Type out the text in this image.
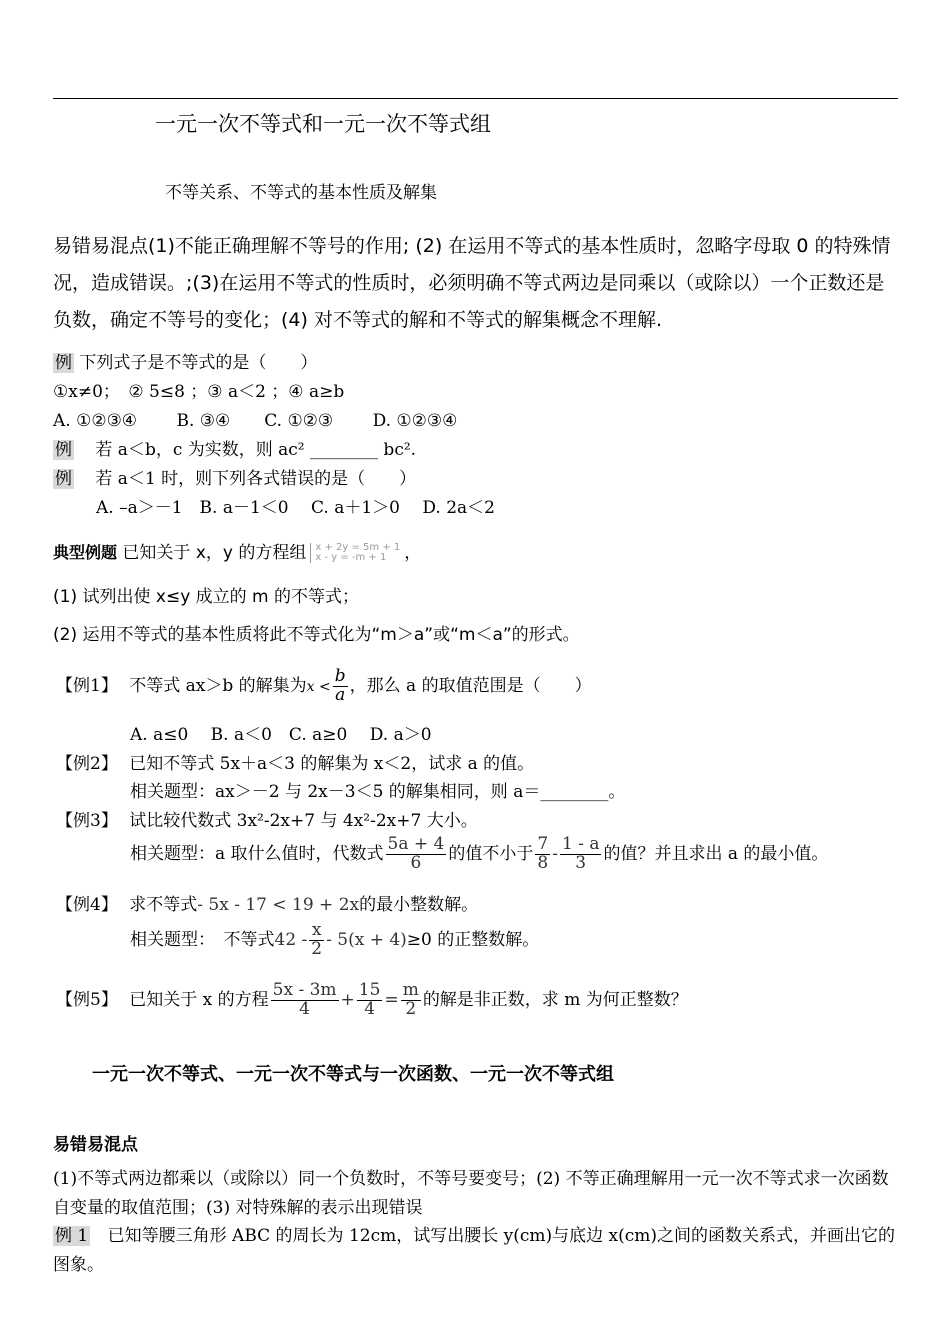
一元一次不等式和一元一次不等式组
不等关系、不等式的基本性质及解集
易错易混点(1)不能正确理解不等号的作用; (2) 在运用不等式的基本性质时，忽略字母取 0 的特殊情况，造成错误。;(3)在运用不等式的性质时，必须明确不等式两边是同乘以（或除以）一个正数还是负数，确定不等号的变化；(4) 对不等式的解和不等式的解集概念不理解.
例 下列式子是不等式的是（　　）
①x≠0；　② 5≤8 ；③ a＜2 ；④ a≥b
A. ①②③④　　 B. ③④　　C. ①②③　　 D. ①②③④
例 若 a＜b，c 为实数，则 ac² ________ bc².
例 若 a＜1 时，则下列各式错误的是（　　）
A. –a＞－1　B. a－1＜0　 C. a＋1＞0　 D. 2a＜2
典型例题 已知关于 x，y 的方程组 x + 2y = 5m + 1
x - y = -m + 1	，
(1) 试列出使 x≤y 成立的 m 的不等式；
(2) 运用不等式的基本性质将此不等式化为“m＞a”或“m＜a”的形式。
【例1】 不等式 ax＞b 的解集为$x < \frac{b}{a}$ ，那么 a 的取值范围是（　　）
A. a≤0　 B. a＜0　C. a≥0　 D. a＞0
【例2】 已知不等式 5x＋a＜3 的解集为 x＜2，试求 a 的值。
相关题型：ax＞－2 与 2x－3＜5 的解集相同，则 a＝________。
【例3】 试比较代数式 3x²-2x+7 与 4x²-2x+7 大小。
相关题型：a 取什么值时，代数式 $\frac{5a + 4}{6}$ 的值不小于 $\frac{7}{8} - \frac{1 - a}{3}$ 的值？并且求出 a 的最小值。
【例4】 求不等式- 5x - 17 < 19 + 2x的最小整数解。
相关题型：　不等式$42 - \frac{x}{2} - 5(x + 4)\ge 0$ 的正整数解。
【例5】 已知关于 x 的方程 $\frac{5x - 3m}{4} + \frac{15}{4} = \frac{m}{2}$ 的解是非正数，求 m 为何正整数？
一元一次不等式、一元一次不等式与一次函数、一元一次不等式组
易错易混点
(1)不等式两边都乘以（或除以）同一个负数时，不等号要变号；(2) 不等正确理解用一元一次不等式求一次函数自变量的取值范围；(3) 对特殊解的表示出现错误
例 1 已知等腰三角形 ABC 的周长为 12cm，试写出腰长 y(cm)与底边 x(cm)之间的函数关系式，并画出它的图象。
